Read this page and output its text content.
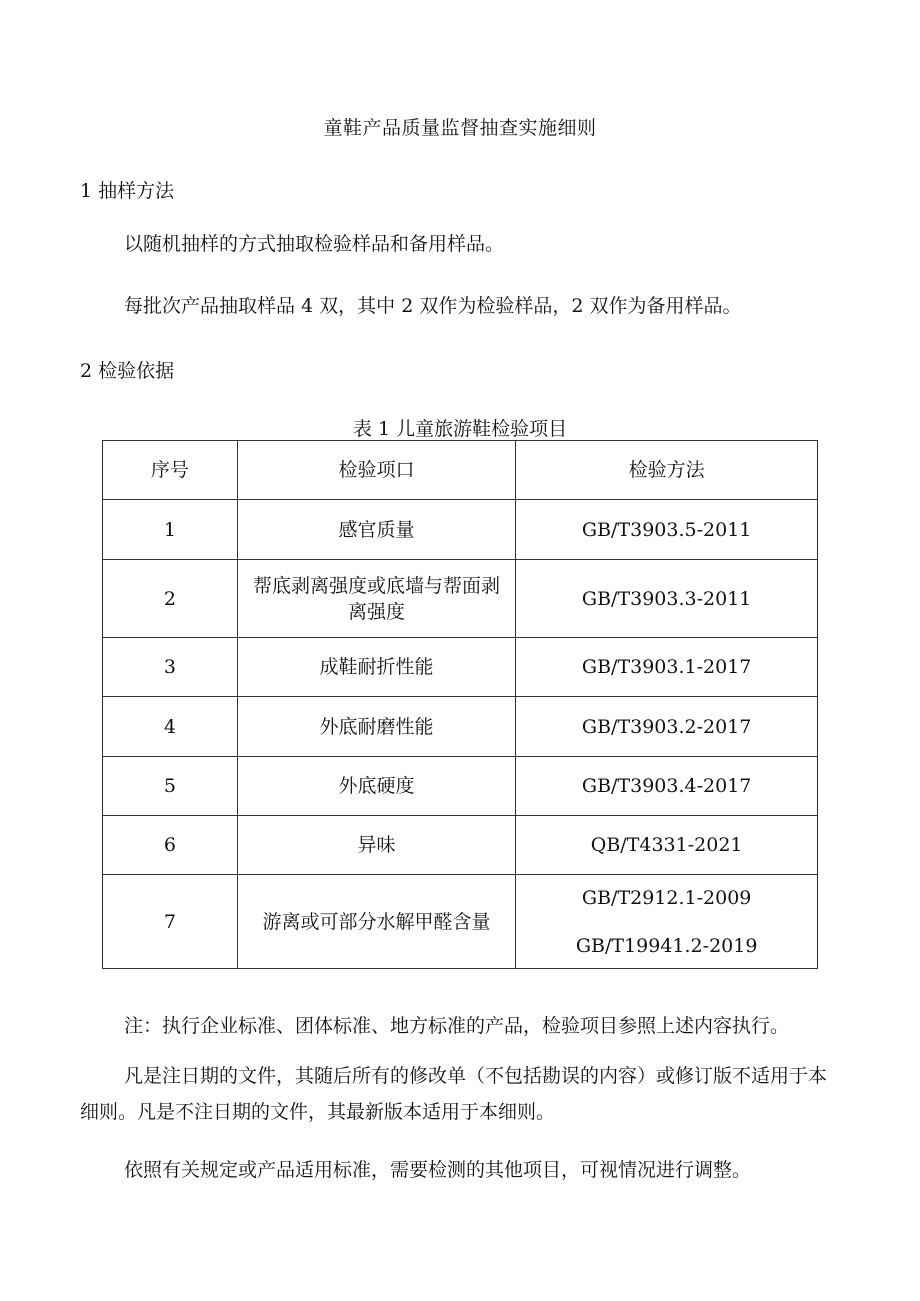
童鞋产品质量监督抽查实施细则
1 抽样方法
以随机抽样的方式抽取检验样品和备用样品。
每批次产品抽取样品 4 双，其中 2 双作为检验样品，2 双作为备用样品。
2 检验依据
表 1 儿童旅游鞋检验项目
序号	检验项口	检验方法
1	感官质量	GB/T3903.5-2011

2	帮底剥离强度或底墙与帮面剥离强度	GB/T3903.3-2011

3	成鞋耐折性能	GB/T3903.1-2017

4	外底耐磨性能	GB/T3903.2-2017

5	外底硬度	GB/T3903.4-2017

6	异味	QB/T4331-2021

7	游离或可部分水解甲醛含量	GB/T2912.1-2009
GB/T19941.2-2019
注：执行企业标准、团体标准、地方标准的产品，检验项目参照上述内容执行。
凡是注日期的文件，其随后所有的修改单（不包括勘误的内容）或修订版不适用于本细则。凡是不注日期的文件，其最新版本适用于本细则。
依照有关规定或产品适用标准，需要检测的其他项目，可视情况进行调整。
